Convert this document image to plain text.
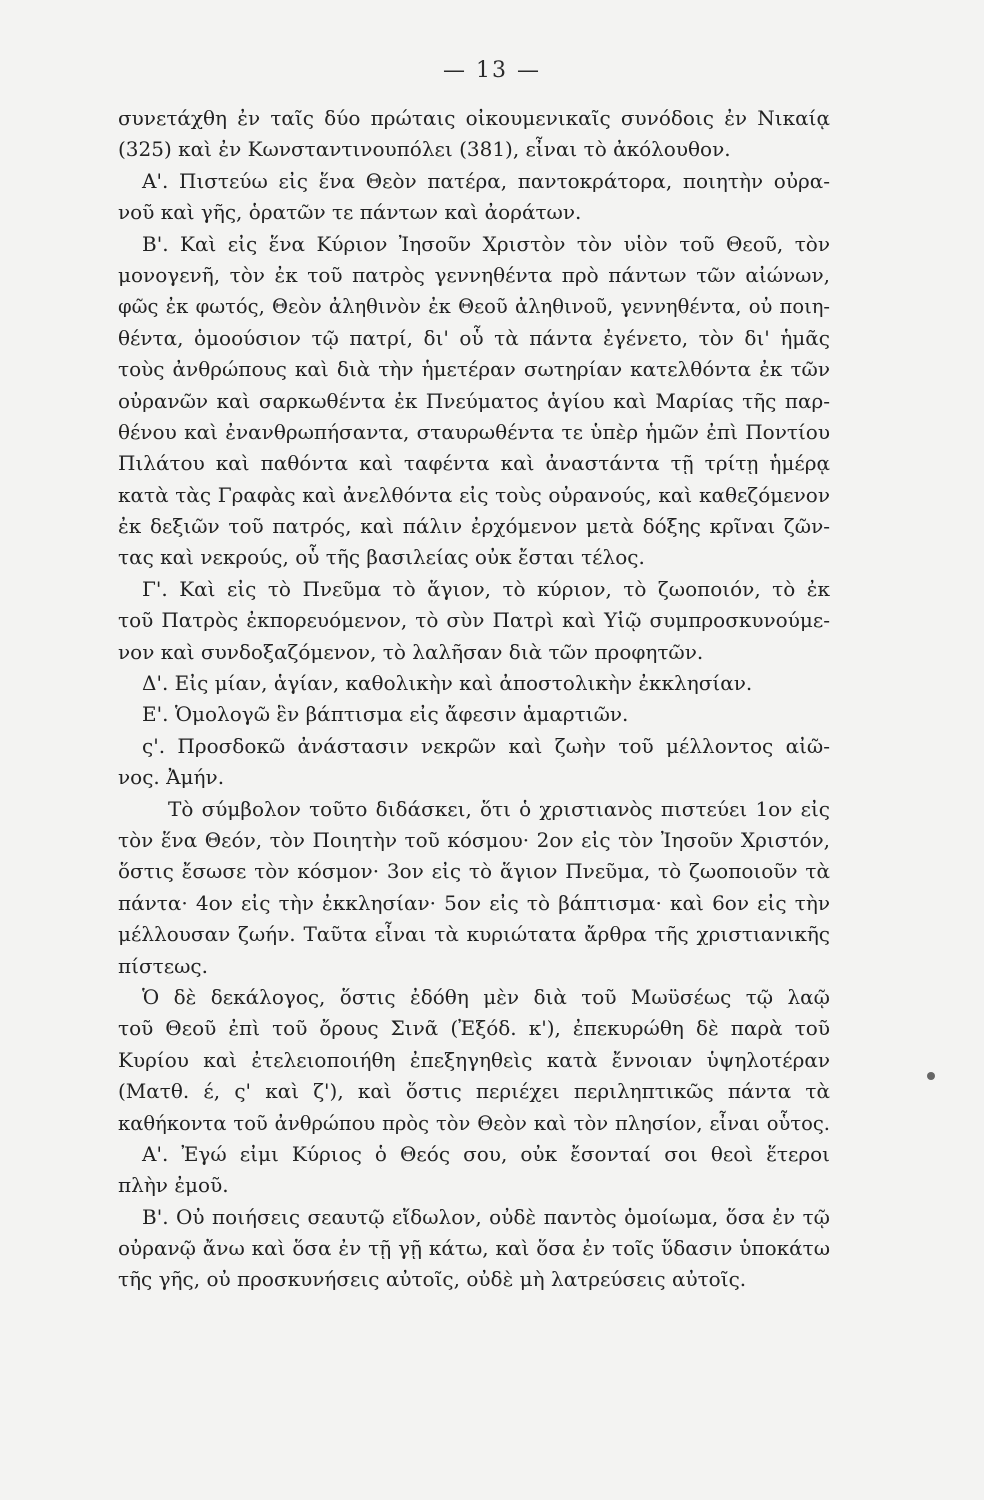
— 13 —
συνετάχθη ἐν ταῖς δύο πρώταις οἰκουμενικαῖς συνόδοις ἐν Νικαίᾳ
(325) καὶ ἐν Κωνσταντινουπόλει (381), εἶναι τὸ ἀκόλουθον.
Α'. Πιστεύω εἰς ἕνα Θεὸν πατέρα, παντοκράτορα, ποιητὴν οὐρα-
νοῦ καὶ γῆς, ὁρατῶν τε πάντων καὶ ἀοράτων.
Β'. Καὶ εἰς ἕνα Κύριον Ἰησοῦν Χριστὸν τὸν υἱὸν τοῦ Θεοῦ, τὸν
μονογενῆ, τὸν ἐκ τοῦ πατρὸς γεννηθέντα πρὸ πάντων τῶν αἰώνων,
φῶς ἐκ φωτός, Θεὸν ἀληθινὸν ἐκ Θεοῦ ἀληθινοῦ, γεννηθέντα, οὐ ποιη-
θέντα, ὁμοούσιον τῷ πατρί, δι' οὗ τὰ πάντα ἐγένετο, τὸν δι' ἡμᾶς
τοὺς ἀνθρώπους καὶ διὰ τὴν ἡμετέραν σωτηρίαν κατελθόντα ἐκ τῶν
οὐρανῶν καὶ σαρκωθέντα ἐκ Πνεύματος ἁγίου καὶ Μαρίας τῆς παρ-
θένου καὶ ἐνανθρωπήσαντα, σταυρωθέντα τε ὑπὲρ ἡμῶν ἐπὶ Ποντίου
Πιλάτου καὶ παθόντα καὶ ταφέντα καὶ ἀναστάντα τῇ τρίτῃ ἡμέρᾳ
κατὰ τὰς Γραφὰς καὶ ἀνελθόντα εἰς τοὺς οὐρανούς, καὶ καθεζόμενον
ἐκ δεξιῶν τοῦ πατρός, καὶ πάλιν ἐρχόμενον μετὰ δόξης κρῖναι ζῶν-
τας καὶ νεκρούς, οὗ τῆς βασιλείας οὐκ ἔσται τέλος.
Γ'. Καὶ εἰς τὸ Πνεῦμα τὸ ἅγιον, τὸ κύριον, τὸ ζωοποιόν, τὸ ἐκ
τοῦ Πατρὸς ἐκπορευόμενον, τὸ σὺν Πατρὶ καὶ Υἱῷ συμπροσκυνούμε-
νον καὶ συνδοξαζόμενον, τὸ λαλῆσαν διὰ τῶν προφητῶν.
Δ'. Εἰς μίαν, ἁγίαν, καθολικὴν καὶ ἀποστολικὴν ἐκκλησίαν.
Ε'. Ὁμολογῶ ἓν βάπτισμα εἰς ἄφεσιν ἁμαρτιῶν.
ς'. Προσδοκῶ ἀνάστασιν νεκρῶν καὶ ζωὴν τοῦ μέλλοντος αἰῶ-
νος. Ἀμήν.
Τὸ σύμβολον τοῦτο διδάσκει, ὅτι ὁ χριστιανὸς πιστεύει 1ον εἰς
τὸν ἕνα Θεόν, τὸν Ποιητὴν τοῦ κόσμου· 2ον εἰς τὸν Ἰησοῦν Χριστόν,
ὅστις ἔσωσε τὸν κόσμον· 3ον εἰς τὸ ἅγιον Πνεῦμα, τὸ ζωοποιοῦν τὰ
πάντα· 4ον εἰς τὴν ἐκκλησίαν· 5ον εἰς τὸ βάπτισμα· καὶ 6ον εἰς τὴν
μέλλουσαν ζωήν. Ταῦτα εἶναι τὰ κυριώτατα ἄρθρα τῆς χριστιανικῆς
πίστεως.
Ὁ δὲ δεκάλογος, ὅστις ἐδόθη μὲν διὰ τοῦ Μωϋσέως τῷ λαῷ
τοῦ Θεοῦ ἐπὶ τοῦ ὄρους Σινᾶ (Ἐξόδ. κ'), ἐπεκυρώθη δὲ παρὰ τοῦ
Κυρίου καὶ ἐτελειοποιήθη ἐπεξηγηθεὶς κατὰ ἔννοιαν ὑψηλοτέραν
(Ματθ. έ, ς' καὶ ζ'), καὶ ὅστις περιέχει περιληπτικῶς πάντα τὰ
καθήκοντα τοῦ ἀνθρώπου πρὸς τὸν Θεὸν καὶ τὸν πλησίον, εἶναι οὗτος.
Α'. Ἐγώ εἰμι Κύριος ὁ Θεός σου, οὐκ ἔσονταί σοι θεοὶ ἕτεροι
πλὴν ἐμοῦ.
Β'. Οὐ ποιήσεις σεαυτῷ εἴδωλον, οὐδὲ παντὸς ὁμοίωμα, ὅσα ἐν τῷ
οὐρανῷ ἄνω καὶ ὅσα ἐν τῇ γῇ κάτω, καὶ ὅσα ἐν τοῖς ὕδασιν ὑποκάτω
τῆς γῆς, οὐ προσκυνήσεις αὐτοῖς, οὐδὲ μὴ λατρεύσεις αὐτοῖς.
